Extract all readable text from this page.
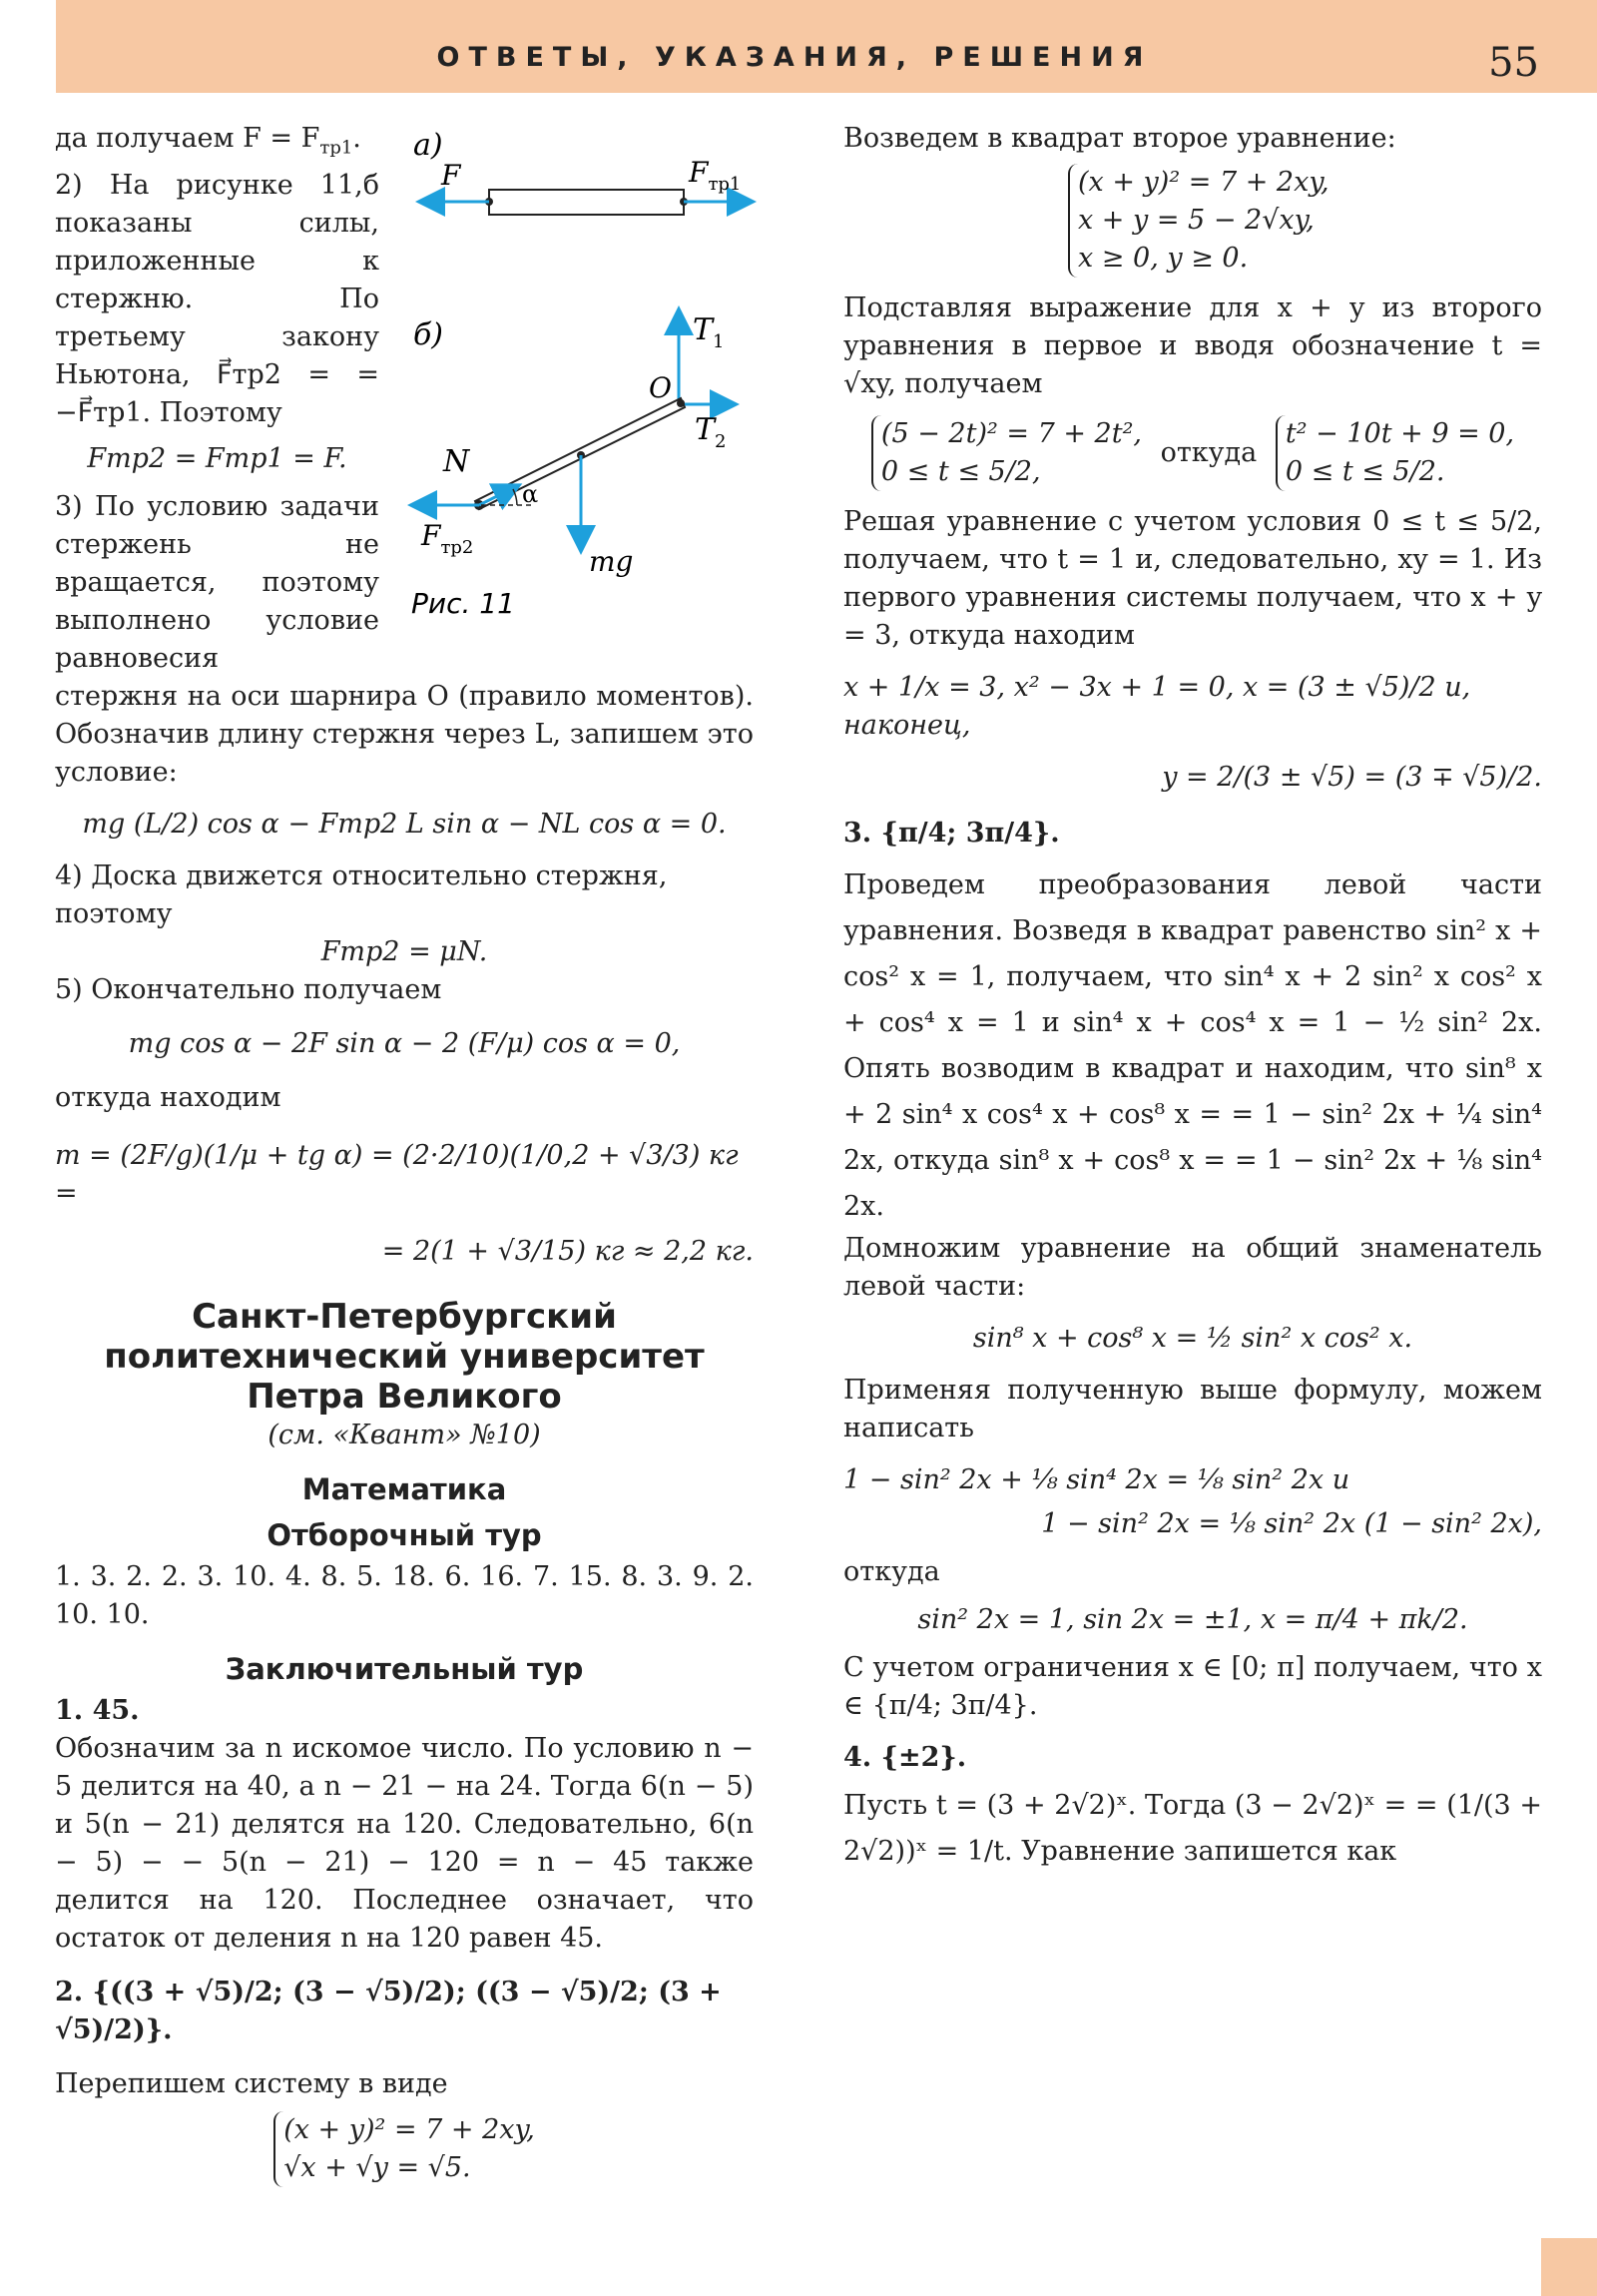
ОТВЕТЫ, УКАЗАНИЯ, РЕШЕНИЯ	55
а)
F	$F_{тр1}$
б)
α
$T_1$
O
$T_2$
N
$F_{тр2}$	mg
Рис. 11

да получаем $F = F_{тр1}$.

2) На рисунке 11,б показаны силы, приложенные к стержню. По третьему закону Ньютона, F⃗тр2 = = −F⃗тр1. Поэтому

Fтр2 = Fтр1 = F.

3) По условию задачи стержень не вращается, поэтому выполнено условие равновесия

стержня на оси шарнира O (правило моментов). Обозначив длину стержня через L, запишем это условие:

mg (L/2) cos α − Fтр2 L sin α − NL cos α = 0.

4) Доска движется относительно стержня, поэтому

Fтр2 = μN.

5) Окончательно получаем

mg cos α − 2F sin α − 2 (F/μ) cos α = 0,

откуда находим

m = (2F/g)(1/μ + tg α) = (2·2/10)(1/0,2 + √3/3) кг =

= 2(1 + √3/15) кг ≈ 2,2 кг.

Санкт-Петербургский

политехнический университет

Петра Великого

(см. «Квант» №10)

Математика

Отборочный тур

1. 3. 2. 2. 3. 10. 4. 8. 5. 18. 6. 16. 7. 15. 8. 3. 9. 2. 10. 10.

Заключительный тур

1. 45.

Обозначим за n искомое число. По условию n − 5 делится на 40, а n − 21 − на 24. Тогда 6(n − 5) и 5(n − 21) делятся на 120. Следовательно, 6(n − 5) − − 5(n − 21) − 120 = n − 45 также делится на 120. Последнее означает, что остаток от деления n на 120 равен 45.

2. {((3 + √5)/2; (3 − √5)/2); ((3 − √5)/2; (3 + √5)/2)}.

Перепишем систему в виде

(x + y)² = 7 + 2xy,
√x + √y = √5.

Возведем в квадрат второе уравнение:

(x + y)² = 7 + 2xy,
x + y = 5 − 2√xy,
x ≥ 0, y ≥ 0.

Подставляя выражение для x + y из второго уравнения в первое и вводя обозначение t = √xy, получаем

(5 − 2t)² = 7 + 2t²,
0 ≤ t ≤ 5/2,
откуда
t² − 10t + 9 = 0,
0 ≤ t ≤ 5/2.

Решая уравнение с учетом условия 0 ≤ t ≤ 5/2, получаем, что t = 1 и, следовательно, xy = 1. Из первого уравнения системы получаем, что x + y = 3, откуда находим

x + 1/x = 3, x² − 3x + 1 = 0, x = (3 ± √5)/2 и, наконец,

y = 2/(3 ± √5) = (3 ∓ √5)/2.

3. {π/4; 3π/4}.

Проведем преобразования левой части уравнения. Возведя в квадрат равенство sin² x + cos² x = 1, получаем, что sin⁴ x + 2 sin² x cos² x + cos⁴ x = 1 и sin⁴ x + cos⁴ x = 1 − ½ sin² 2x. Опять возводим в квадрат и находим, что sin⁸ x + 2 sin⁴ x cos⁴ x + cos⁸ x = = 1 − sin² 2x + ¼ sin⁴ 2x, откуда sin⁸ x + cos⁸ x = = 1 − sin² 2x + ⅛ sin⁴ 2x.

Домножим уравнение на общий знаменатель левой части:

sin⁸ x + cos⁸ x = ½ sin² x cos² x.

Применяя полученную выше формулу, можем написать

1 − sin² 2x + ⅛ sin⁴ 2x = ⅛ sin² 2x и

1 − sin² 2x = ⅛ sin² 2x (1 − sin² 2x),

откуда

sin² 2x = 1, sin 2x = ±1, x = π/4 + πk/2.

С учетом ограничения x ∈ [0; π] получаем, что x ∈ {π/4; 3π/4}.

4. {±2}.

Пусть t = (3 + 2√2)ˣ. Тогда (3 − 2√2)ˣ = = (1/(3 + 2√2))ˣ = 1/t. Уравнение запишется как
